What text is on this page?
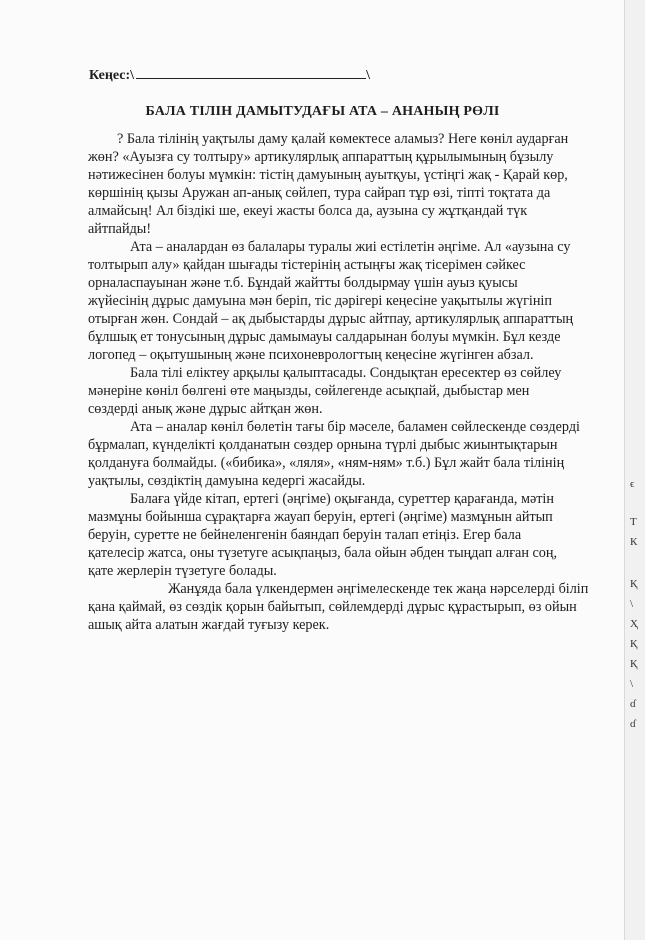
Кеңес:\	\
БАЛА ТІЛІН ДАМЫТУДАҒЫ АТА – АНАНЫҢ РӨЛІ
? Бала тілінің уақтылы даму қалай көмектесе аламыз? Неге көніл аударған
жөн? «Ауызға су толтыру» артикулярлық аппараттың құрылымының бұзылу
нәтижесінен болуы мүмкін: тістің дамуының ауытқуы, үстіңгі жақ - Қарай көр,
көршінің қызы Аружан ап-анық сөйлеп, тура сайрап тұр өзі, тіпті тоқтата да
алмайсың! Ал біздікі ше, екеуі жасты болса да, аузына су жұтқандай түк
айтпайды!
Ата – аналардан өз балалары туралы жиі естілетін әңгіме. Ал «аузына су
толтырып алу» қайдан шығады тістерінің астыңғы жақ тісерімен сәйкес
орналаспауынан және т.б. Бұндай жайтты болдырмау үшін ауыз қуысы
жүйесінің дұрыс дамуына мән беріп, тіс дәрігері кеңесіне уақытылы жүгініп
отырған жөн. Сондай – ақ дыбыстарды дұрыс айтпау, артикулярлық аппараттың
бұлшық ет тонусының дұрыс дамымауы салдарынан болуы мүмкін. Бұл кезде
логопед – оқытушының және психоневрологтың кеңесіне жүгінген абзал.
Бала тілі еліктеу арқылы қалыптасады. Сондықтан ересектер өз сөйлеу
мәнеріне көніл бөлгені өте маңызды, сөйлегенде асықпай, дыбыстар мен
сөздерді анық және дұрыс айтқан жөн.
Ата – аналар көніл бөлетін тағы бір мәселе, баламен сөйлескенде сөздерді
бұрмалап, күнделікті қолданатын сөздер орнына түрлі дыбыс жиынтықтарын
қолдануға болмайды. («бибика», «ляля», «ням-ням» т.б.) Бұл жайт бала тілінің
уақтылы, сөздіктің дамуына кедергі жасайды.
Балаға үйде кітап, ертегі (әңгіме) оқығанда, суреттер қарағанда, мәтін
мазмұны бойынша сұрақтарға жауап беруін, ертегі (әңгіме) мазмұнын айтып
беруін, суретте не бейнеленгенін баяндап беруін талап етіңіз. Егер бала
қателесір жатса, оны түзетуге асықпаңыз, бала ойын әбден тыңдап алған соң,
қате жерлерін түзетуге болады.
Жанұяда бала үлкендермен әңгімелескенде тек жаңа нәрселерді біліп
қана қаймай, өз сөздік қорын байытып, сөйлемдерді дұрыс құрастырып, өз ойын
ашық айта алатын жағдай туғызу керек.
ϵ
Т
К
Қ
\
Ҳ
Қ
Қ
\
ɗ
ɗ
